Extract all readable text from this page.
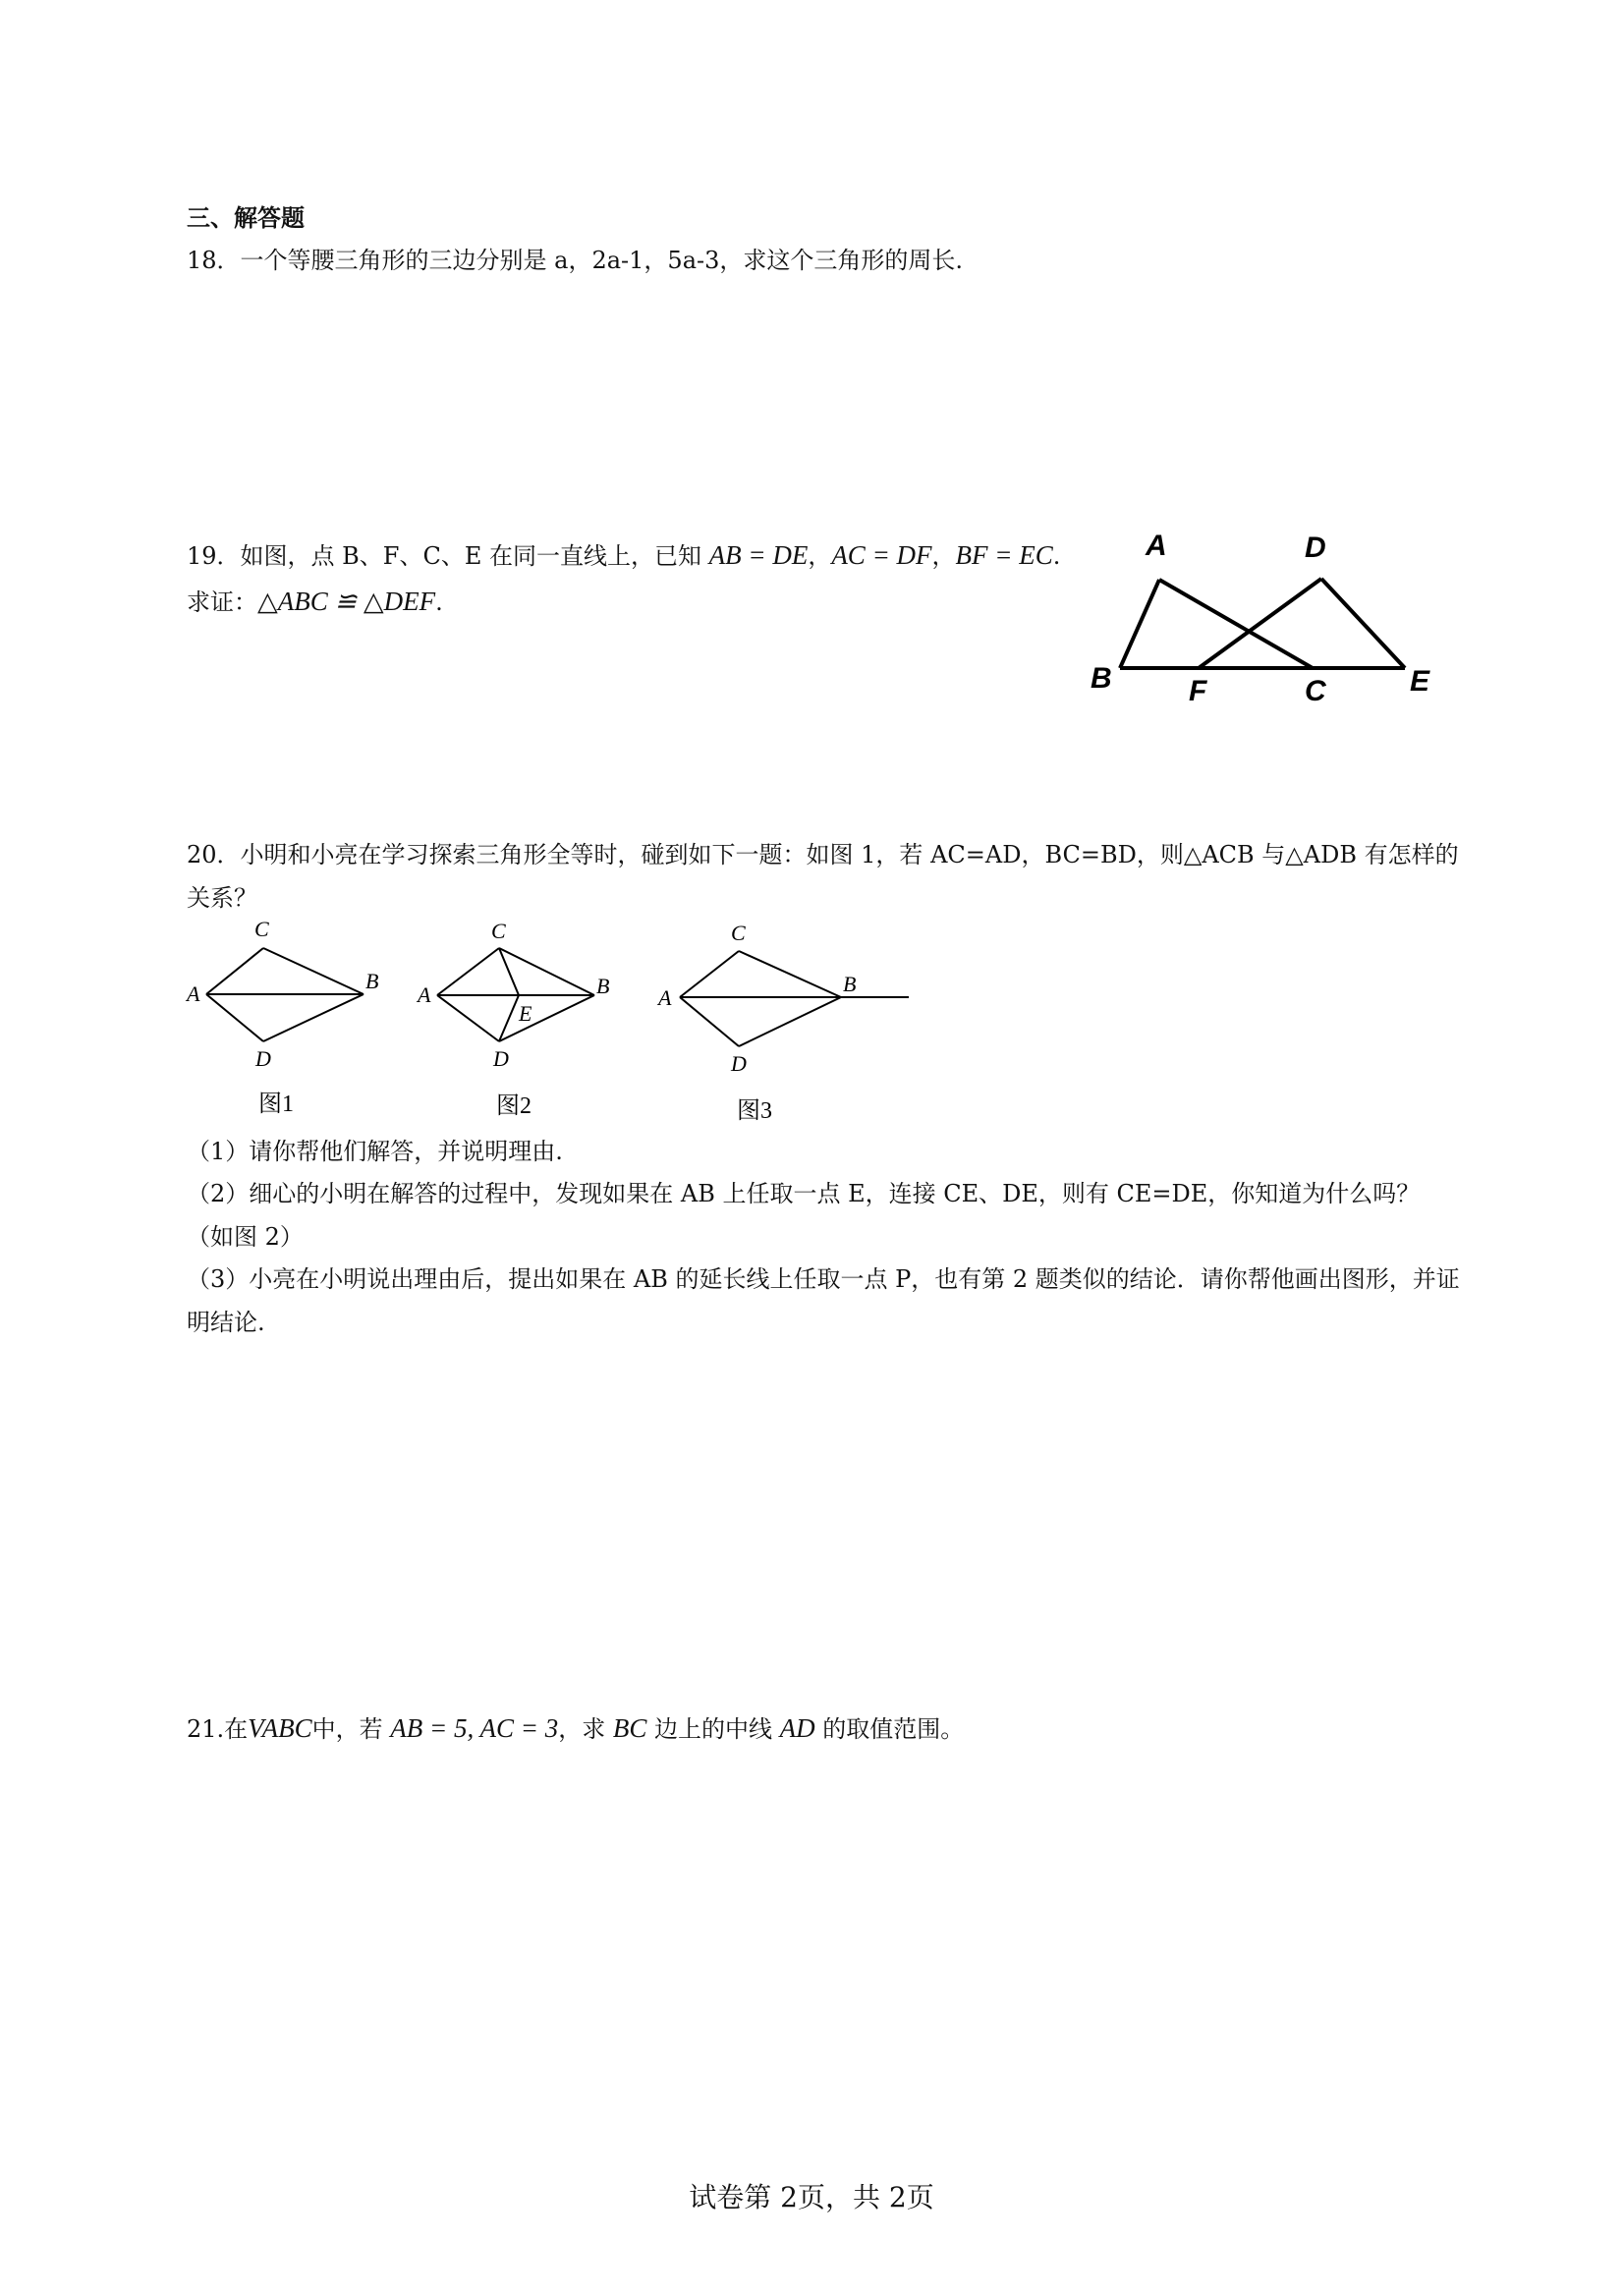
三、解答题
18．一个等腰三角形的三边分别是 a，2a-1，5a-3，求这个三角形的周长.
19．如图，点 B、F、C、E 在同一直线上，已知 AB = DE，AC = DF，BF = EC.
求证：△ABC ≌ △DEF.
A	D
B	F	C	E
20．小明和小亮在学习探索三角形全等时，碰到如下一题：如图 1，若 AC=AD，BC=BD，则△ACB 与△ADB 有怎样的关系？
C
A
B
D
图1
C
A	B
E
D
图2
C
A
B
D
图3
（1）请你帮他们解答，并说明理由.
（2）细心的小明在解答的过程中，发现如果在 AB 上任取一点 E，连接 CE、DE，则有 CE=DE，你知道为什么吗？（如图 2）
（3）小亮在小明说出理由后，提出如果在 AB 的延长线上任取一点 P，也有第 2 题类似的结论．请你帮他画出图形，并证明结论.
21.在VABC中，若 AB = 5, AC = 3，求 BC 边上的中线 AD 的取值范围。
试卷第 2页，共 2页
